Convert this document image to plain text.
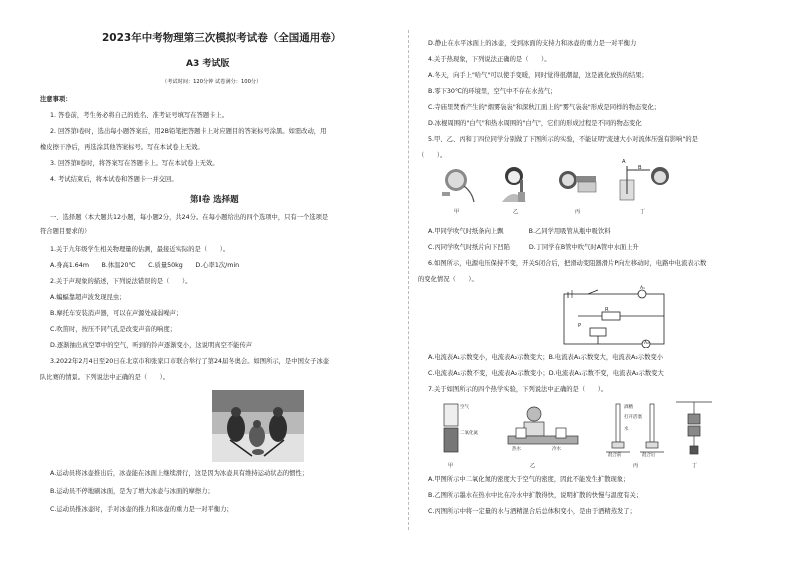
2023年中考物理第三次模拟考试卷（全国通用卷）
A3 考试版
（考试时间：120分钟 试卷满分：100分）
注意事项：
1. 答卷前，考生务必将自己的姓名、准考证号填写在答题卡上。
2. 回答第Ⅰ卷时，选出每小题答案后，用2B铅笔把答题卡上对应题目的答案标号涂黑。如需改动，用
橡皮擦干净后，再选涂其他答案标号。写在本试卷上无效。
3. 回答第Ⅱ卷时，将答案写在答题卡上。写在本试卷上无效。
4. 考试结束后，将本试卷和答题卡一并交回。
第Ⅰ卷 选择题
一、选择题（本大题共12小题，每小题2分，共24分。在每小题给出的四个选项中，只有一个选项是
符合题目要求的）
1.关于九年级学生相关物理量的估测，最接近实际的是（　　）。
A.身高1.64m　　B.体温20℃　　C.质量50kg　　D.心率1次/min
2.关于声现象的描述，下列说法错误的是（　　）。
A.蝙蝠靠超声波发现昆虫；
B.摩托车安装消声器，可以在声源处减弱噪声；
C.吹笛时，按压不同气孔是改变声音的响度；
D.逐渐抽出真空罩中的空气，听到的铃声逐渐变小，这说明真空不能传声
3.2022年2月4日至20日在北京市和张家口市联合举行了第24届冬奥会。如图所示，是中国女子冰壶
队比赛的情景。下列说法中正确的是（　　）。
A.运动员将冰壶推出后，冰壶能在冰面上继续滑行，这是因为冰壶具有维持运动状态的惯性；
B.运动员不停地刷冰面，是为了增大冰壶与冰面的摩擦力；
C.运动员推冰壶时，手对冰壶的推力和冰壶的重力是一对平衡力；
D.静止在水平冰面上的冰壶，受到冰面的支持力和冰壶的重力是一对平衡力
4.关于热现象，下列说法正确的是（　　）。
A.冬天，向手上"哈气"可以使手变暖，同时觉得很潮湿，这是液化放热的结果；
B.零下30℃的环境里，空气中不存在水蒸气；
C.寺庙里焚香产生的"烟雾袅袅"和深秋江面上的"雾气袅袅"形成是同样的物态变化；
D.冰棍周围的"白气"和热水周围的"白气"，它们的形成过程是不同的物态变化
5.甲、乙、丙和丁四位同学分别做了下图所示的实验，不能证明"流速大小对流体压强有影响"的是
（　　）。
A
B
甲	乙	丙	丁
A.甲同学吹气时纸条向上飘　　　　B.乙同学用吸管从瓶中吸饮料
C.丙同学吹气时纸片向下凹陷　　　D.丁同学在B管中吹气时A管中水面上升
6.如图所示，电源电压保持不变，开关S闭合后，把滑动变阻器滑片P向左移动时，电路中电流表示数
的变化情况（　　）。
A₁
R
P
A₂
A.电流表A₁示数变小，电流表A₂示数变大；B.电流表A₁示数变大，电流表A₂示数变小
C.电流表A₁示数不变，电流表A₂示数变小；D.电流表A₁示数不变，电流表A₂示数变大
7.关于如图所示的四个热学实验，下列说法中正确的是（　　）。
空气
二氧化氮
热水	冷水
酒精
打开活塞
水
混合前	混合后
甲	乙	丙	丁
A.甲图所示中二氧化氮的密度大于空气的密度，因此不能发生扩散现象；
B.乙图所示墨水在热水中比在冷水中扩散得快，说明扩散的快慢与温度有关；
C.丙图所示中将一定量的水与酒精混合后总体积变小，是由于酒精蒸发了；
